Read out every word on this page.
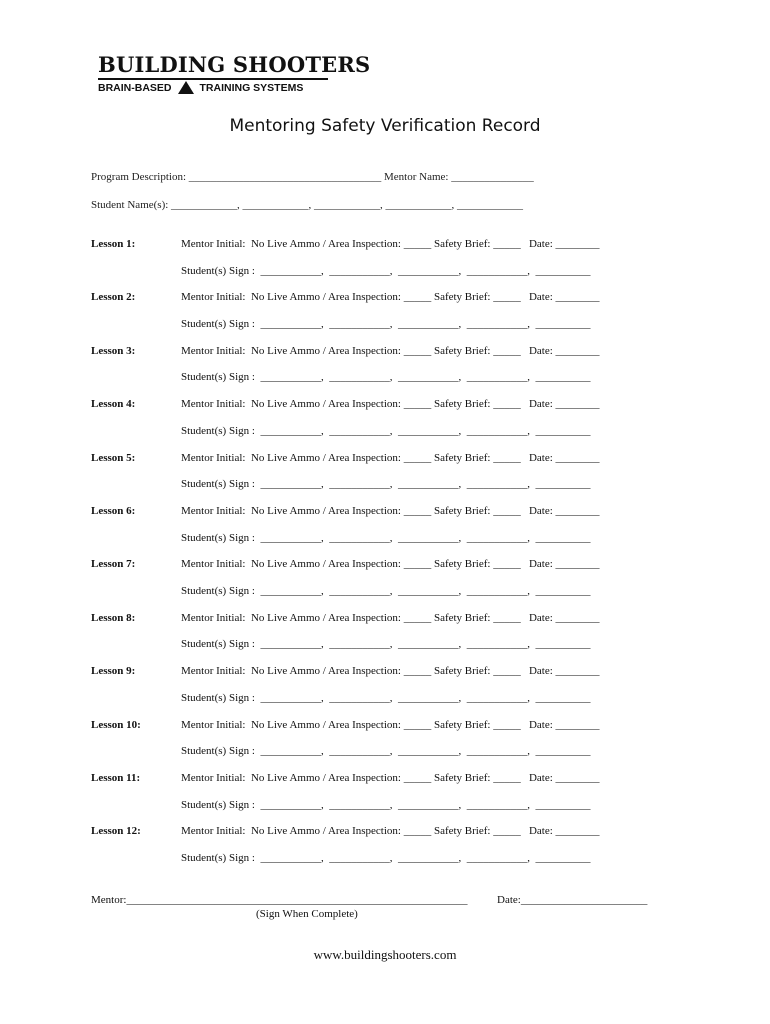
BUILDING SHOOTERS
BRAIN-BASED	TRAINING SYSTEMS
Mentoring Safety Verification Record
Program Description: ___________________________________ Mentor Name: _______________
Student Name(s): ____________, ____________, ____________, ____________, ____________
Lesson 1:	Mentor Initial:  No Live Ammo / Area Inspection: _____ Safety Brief: _____   Date: ________
Student(s) Sign :  ___________,  ___________,  ___________,  ___________,  __________
Lesson 2:	Mentor Initial:  No Live Ammo / Area Inspection: _____ Safety Brief: _____   Date: ________
Student(s) Sign :  ___________,  ___________,  ___________,  ___________,  __________
Lesson 3:	Mentor Initial:  No Live Ammo / Area Inspection: _____ Safety Brief: _____   Date: ________
Student(s) Sign :  ___________,  ___________,  ___________,  ___________,  __________
Lesson 4:	Mentor Initial:  No Live Ammo / Area Inspection: _____ Safety Brief: _____   Date: ________
Student(s) Sign :  ___________,  ___________,  ___________,  ___________,  __________
Lesson 5:	Mentor Initial:  No Live Ammo / Area Inspection: _____ Safety Brief: _____   Date: ________
Student(s) Sign :  ___________,  ___________,  ___________,  ___________,  __________
Lesson 6:	Mentor Initial:  No Live Ammo / Area Inspection: _____ Safety Brief: _____   Date: ________
Student(s) Sign :  ___________,  ___________,  ___________,  ___________,  __________
Lesson 7:	Mentor Initial:  No Live Ammo / Area Inspection: _____ Safety Brief: _____   Date: ________
Student(s) Sign :  ___________,  ___________,  ___________,  ___________,  __________
Lesson 8:	Mentor Initial:  No Live Ammo / Area Inspection: _____ Safety Brief: _____   Date: ________
Student(s) Sign :  ___________,  ___________,  ___________,  ___________,  __________
Lesson 9:	Mentor Initial:  No Live Ammo / Area Inspection: _____ Safety Brief: _____   Date: ________
Student(s) Sign :  ___________,  ___________,  ___________,  ___________,  __________
Lesson 10:	Mentor Initial:  No Live Ammo / Area Inspection: _____ Safety Brief: _____   Date: ________
Student(s) Sign :  ___________,  ___________,  ___________,  ___________,  __________
Lesson 11:	Mentor Initial:  No Live Ammo / Area Inspection: _____ Safety Brief: _____   Date: ________
Student(s) Sign :  ___________,  ___________,  ___________,  ___________,  __________
Lesson 12:	Mentor Initial:  No Live Ammo / Area Inspection: _____ Safety Brief: _____   Date: ________
Student(s) Sign :  ___________,  ___________,  ___________,  ___________,  __________
Mentor:______________________________________________________________
(Sign When Complete)
Date:_______________________
www.buildingshooters.com
